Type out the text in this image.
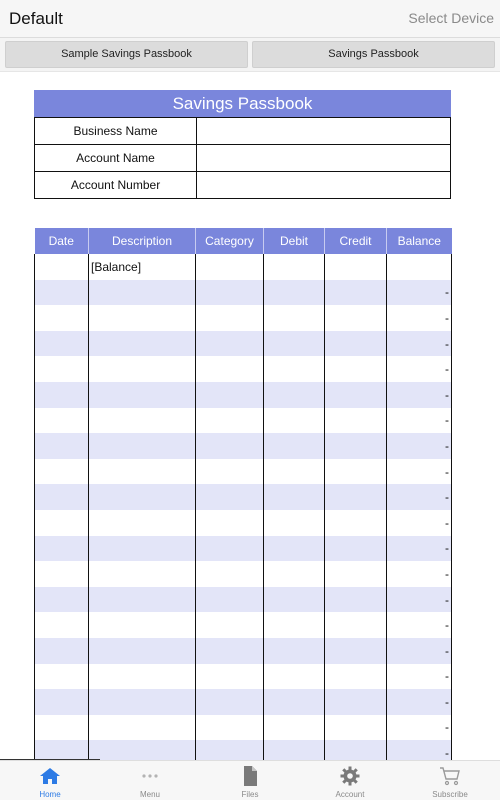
Default	Select Device
Sample Savings Passbook	Savings Passbook
Savings Passbook
Business Name	
Account Name	
Account Number	
Date	Description	Category	Debit	Credit	Balance
	[Balance]				
					-
					-
					-
					-
					-
					-
					-
					-
					-
					-
					-
					-
					-
					-
					-
					-
					-
					-
					-
Home	Menu	Files	Account	Subscribe
